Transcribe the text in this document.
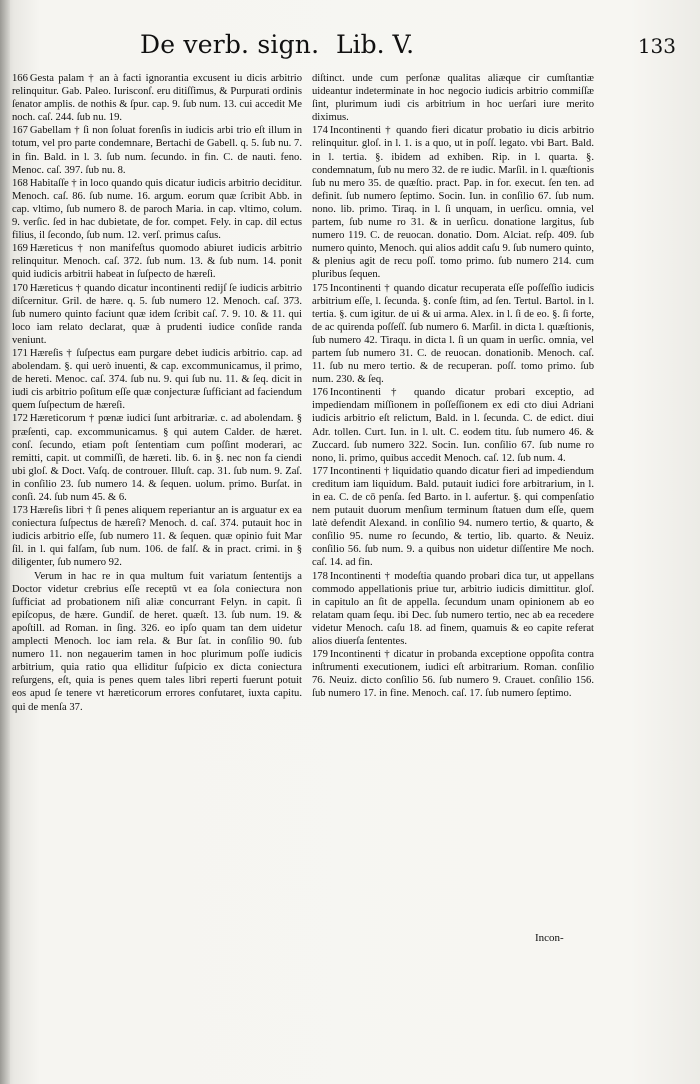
De verb. sign. Lib. V.	133

166 Gesta palam † an à facti ignorantia excusent iu dicis arbitrio relinquitur. Gab. Paleo. Iurisconſ. eru ditiſſimus, & Purpurati ordinis ſenator amplis. de nothis & ſpur. cap. 9. ſub num. 13. cui accedit Me noch. caſ. 244. ſub nu. 19.

167 Gabellam † ſi non ſoluat forenſis in iudicis arbi trio eſt illum in totum, vel pro parte condemnare, Bertachi de Gabell. q. 5. ſub nu. 7. in fin. Bald. in l. 3. ſub num. ſecundo. in fin. C. de nauti. feno. Menoc. caſ. 397. ſub nu. 8.

168 Habitaſſe † in loco quando quis dicatur iudicis arbitrio deciditur. Menoch. caſ. 86. ſub nume. 16. argum. eorum quæ ſcribit Abb. in cap. vltimo, ſub numero 8. de paroch Maria. in cap. vltimo, colum. 9. verſic. ſed in hac dubietate, de for. compet. Fely. in cap. dil ectus filius, il ſecondo, ſub num. 12. verſ. primus caſus.

169 Hæreticus † non manifeſtus quomodo abiuret iudicis arbitrio relinquitur. Menoch. caſ. 372. ſub num. 13. & ſub num. 14. ponit quid iudicis arbitrii habeat in ſuſpecto de hæreſi.

170 Hæreticus † quando dicatur incontinenti redijſ ſe iudicis arbitrio diſcernitur. Gril. de hære. q. 5. ſub numero 12. Menoch. caſ. 373. ſub numero quinto faciunt quæ idem ſcribit caſ. 7. 9. 10. & 11. qui loco iam relato declarat, quæ à prudenti iudice conſide randa veniunt.

171 Hæreſis † ſuſpectus eam purgare debet iudicis arbitrio. cap. ad abolendam. §. qui uerò inuenti, & cap. excommunicamus, il primo, de hereti. Menoc. caſ. 374. ſub nu. 9. qui ſub nu. 11. & ſeq. dicit in iudi cis arbitrio poſitum eſſe quæ conjecturæ ſufficiant ad faciendum quem ſuſpectum de hæreſi.

172 Hæreticorum † pœnæ iudici ſunt arbitrariæ. c. ad abolendam. § præſenti, cap. excommunicamus. § qui autem Calder. de hæret. conſ. ſecundo, etiam poſt ſententiam cum poſſint moderari, ac remitti, capit. ut commiſſi, de hæreti. lib. 6. in §. nec non fa ciendi ubi gloſ. & Doct. Vaſq. de controuer. Illuſt. cap. 31. ſub num. 9. Zaſ. in conſilio 23. ſub numero 14. & ſequen. uolum. primo. Burſat. in conſi. 24. ſub num 45. & 6.

173 Hæreſis libri † ſi penes aliquem reperiantur an is arguatur ex ea coniectura ſuſpectus de hæreſi? Menoch. d. caſ. 374. putauit hoc in iudicis arbitrio eſſe, ſub numero 11. & ſequen. quæ opinio fuit Mar ſil. in l. qui falſam, ſub num. 106. de falſ. & in pract. crimi. in § diligenter, ſub numero 92.

Verum in hac re in qua multum fuit variatum ſententijs a Doctor videtur crebrius eſſe receptū vt ea ſola coniectura non ſufficiat ad probationem niſi aliæ concurrant Felyn. in capit. ſi epiſcopus, de hære. Gundiſ. de heret. quæſt. 13. ſub num. 19. & apoſtill. ad Roman. in ſing. 326. eo ipſo quam tan dem uidetur amplecti Menoch. loc iam rela. & Bur ſat. in conſilio 90. ſub numero 11. non negauerim tamen in hoc plurimum poſſe iudicis arbitrium, quia ratio qua elliditur ſuſpicio ex dicta coniectura reſurgens, eſt, quia is penes quem tales libri reperti fuerunt potuit eos apud ſe tenere vt hæreticorum errores confutaret, iuxta capitu. qui de menſa 37.

diſtinct. unde cum perſonæ qualitas aliæque cir cumſtantiæ uideantur indeterminate in hoc negocio iudicis arbitrio commiſſæ ſint, plurimum iudi cis arbitrium in hoc uerſari iure merito diximus.

174 Incontinenti † quando fieri dicatur probatio iu dicis arbitrio relinquitur. gloſ. in l. 1. is a quo, ut in poſſ. legato. vbi Bart. Bald. in l. tertia. §. ibidem ad exhiben. Rip. in l. quarta. §. condemnatum, ſub nu mero 32. de re iudic. Marſil. in l. quæſtionis ſub nu mero 35. de quæſtio. pract. Pap. in for. execut. ſen ten. ad definit. ſub numero ſeptimo. Socin. Iun. in conſilio 67. ſub num. nono. lib. primo. Tiraq. in l. ſi unquam, in uerſicu. omnia, vel partem, ſub nume ro 31. & in uerſicu. donatione largitus, ſub numero 119. C. de reuocan. donatio. Dom. Alciat. reſp. 409. ſub numero quinto, Menoch. qui alios addit caſu 9. ſub numero quinto, & plenius agit de recu poſſ. tomo primo. ſub numero 214. cum pluribus ſequen.

175 Incontinenti † quando dicatur recuperata eſſe poſſeſſio iudicis arbitrium eſſe, l. ſecunda. §. conſe ſtim, ad ſen. Tertul. Bartol. in l. tertia. §. cum igitur. de ui & ui arma. Alex. in l. ſi de eo. §. ſi forte, de ac quirenda poſſeſſ. ſub numero 6. Marſil. in dicta l. quæſtionis, ſub numero 42. Tiraqu. in dicta l. ſi un quam in uerſic. omnia, vel partem ſub numero 31. C. de reuocan. donationib. Menoch. caſ. 11. ſub nu mero tertio. & de recuperan. poſſ. tomo primo. ſub num. 230. & ſeq.

176 Incontinenti † quando dicatur probari exceptio, ad impediendam miſſionem in poſſeſſionem ex edi cto diui Adriani iudicis arbitrio eſt relictum, Bald. in l. ſecunda. C. de edict. diui Adr. tollen. Curt. Iun. in l. ult. C. eodem titu. ſub numero 46. & Zuccard. ſub numero 322. Socin. Iun. conſilio 67. ſub nume ro nono, li. primo, quibus accedit Menoch. caſ. 12. ſub num. 4.

177 Incontinenti † liquidatio quando dicatur fieri ad impediendum creditum iam liquidum. Bald. putauit iudici fore arbitrarium, in l. in ea. C. de cō penſa. ſed Barto. in l. aufertur. §. qui compenſatio nem putauit duorum menſium terminum ſtatuen dum eſſe, quem latè defendit Alexand. in conſilio 94. numero tertio, & quarto, & conſilio 95. nume ro ſecundo, & tertio, lib. quarto. & Neuiz. conſilio 56. ſub num. 9. a quibus non uidetur diſſentire Me noch. caſ. 14. ad fin.

178 Incontinenti † modeſtia quando probari dica tur, ut appellans commodo appellationis priue tur, arbitrio iudicis dimittitur. gloſ. in capitulo an ſit de appella. ſecundum unam opinionem ab eo relatam quam ſequ. ibi Dec. ſub numero tertio, nec ab ea recedere videtur Menoch. caſu 18. ad finem, quamuis & eo capite referat alios diuerſa ſententes.

179 Incontinenti † dicatur in probanda exceptione oppoſita contra inſtrumenti executionem, iudici eſt arbitrarium. Roman. conſilio 76. Neuiz. dicto conſilio 56. ſub numero 9. Crauet. conſilio 156. ſub numero 17. in fine. Menoch. caſ. 17. ſub numero ſeptimo.

Incon-
